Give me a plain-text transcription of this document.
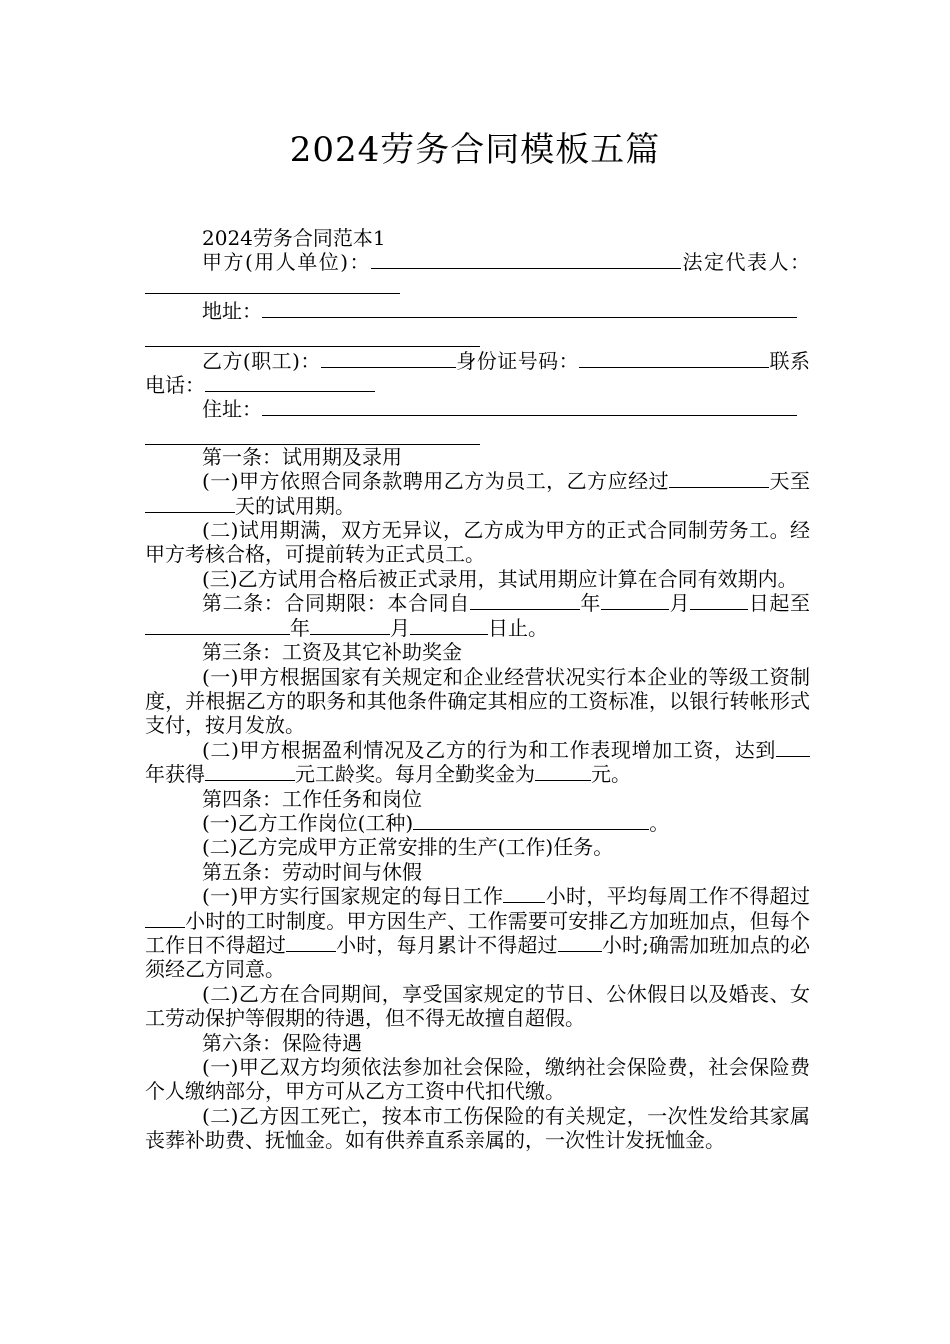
2024劳务合同模板五篇

2024劳务合同范本1

甲方(用人单位)：	法定代表人：

地址：

乙方(职工)：	身份证号码：	联系电话：

住址：

第一条：试用期及录用

(一)甲方依照合同条款聘用乙方为员工，乙方应经过	天至天的试用期。

(二)试用期满，双方无异议，乙方成为甲方的正式合同制劳务工。经甲方考核合格，可提前转为正式员工。

(三)乙方试用合格后被正式录用，其试用期应计算在合同有效期内。

第二条：合同期限：本合同自	年	月	日起至年	月	日止。

第三条：工资及其它补助奖金

(一)甲方根据国家有关规定和企业经营状况实行本企业的等级工资制度，并根据乙方的职务和其他条件确定其相应的工资标准，以银行转帐形式支付，按月发放。

(二)甲方根据盈利情况及乙方的行为和工作表现增加工资，达到年获得	元工龄奖。每月全勤奖金为	元。

第四条：工作任务和岗位

(一)乙方工作岗位(工种)	。

(二)乙方完成甲方正常安排的生产(工作)任务。

第五条：劳动时间与休假

(一)甲方实行国家规定的每日工作 小时，平均每周工作不得超过小时的工时制度。甲方因生产、工作需要可安排乙方加班加点，但每个工作日不得超过	小时，每月累计不得超过 小时;确需加班加点的必须经乙方同意。

(二)乙方在合同期间，享受国家规定的节日、公休假日以及婚丧、女工劳动保护等假期的待遇，但不得无故擅自超假。

第六条：保险待遇

(一)甲乙双方均须依法参加社会保险，缴纳社会保险费，社会保险费个人缴纳部分，甲方可从乙方工资中代扣代缴。

(二)乙方因工死亡，按本市工伤保险的有关规定，一次性发给其家属丧葬补助费、抚恤金。如有供养直系亲属的，一次性计发抚恤金。
